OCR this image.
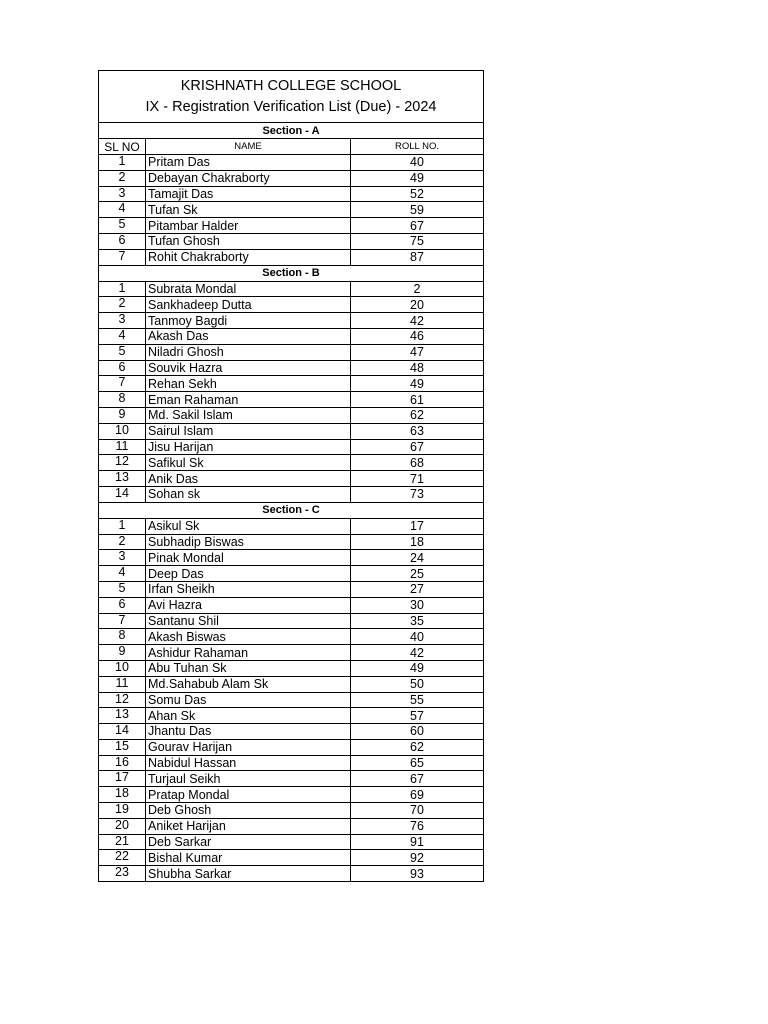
KRISHNATH COLLEGE SCHOOL
IX - Registration Verification List (Due) - 2024		

Section - A		
SL NO	NAME	ROLL NO.
1	Pritam Das	40
2	Debayan Chakraborty	49
3	Tamajit Das	52
4	Tufan Sk	59
5	Pitambar Halder	67
6	Tufan Ghosh	75
7	Rohit Chakraborty	87
Section - B		
1	Subrata Mondal	2
2	Sankhadeep Dutta	20
3	Tanmoy Bagdi	42
4	Akash Das	46
5	Niladri Ghosh	47
6	Souvik Hazra	48
7	Rehan Sekh	49
8	Eman Rahaman	61
9	Md. Sakil Islam	62
10	Sairul Islam	63
11	Jisu Harijan	67
12	Safikul Sk	68
13	Anik Das	71
14	Sohan sk	73
Section - C		
1	Asikul Sk	17
2	Subhadip Biswas	18
3	Pinak Mondal	24
4	Deep Das	25
5	Irfan Sheikh	27
6	Avi Hazra	30
7	Santanu Shil	35
8	Akash Biswas	40
9	Ashidur Rahaman	42
10	Abu Tuhan Sk	49
11	Md.Sahabub Alam Sk	50
12	Somu Das	55
13	Ahan Sk	57
14	Jhantu Das	60
15	Gourav Harijan	62
16	Nabidul Hassan	65
17	Turjaul Seikh	67
18	Pratap Mondal	69
19	Deb Ghosh	70
20	Aniket Harijan	76
21	Deb Sarkar	91
22	Bishal Kumar	92
23	Shubha Sarkar	93
